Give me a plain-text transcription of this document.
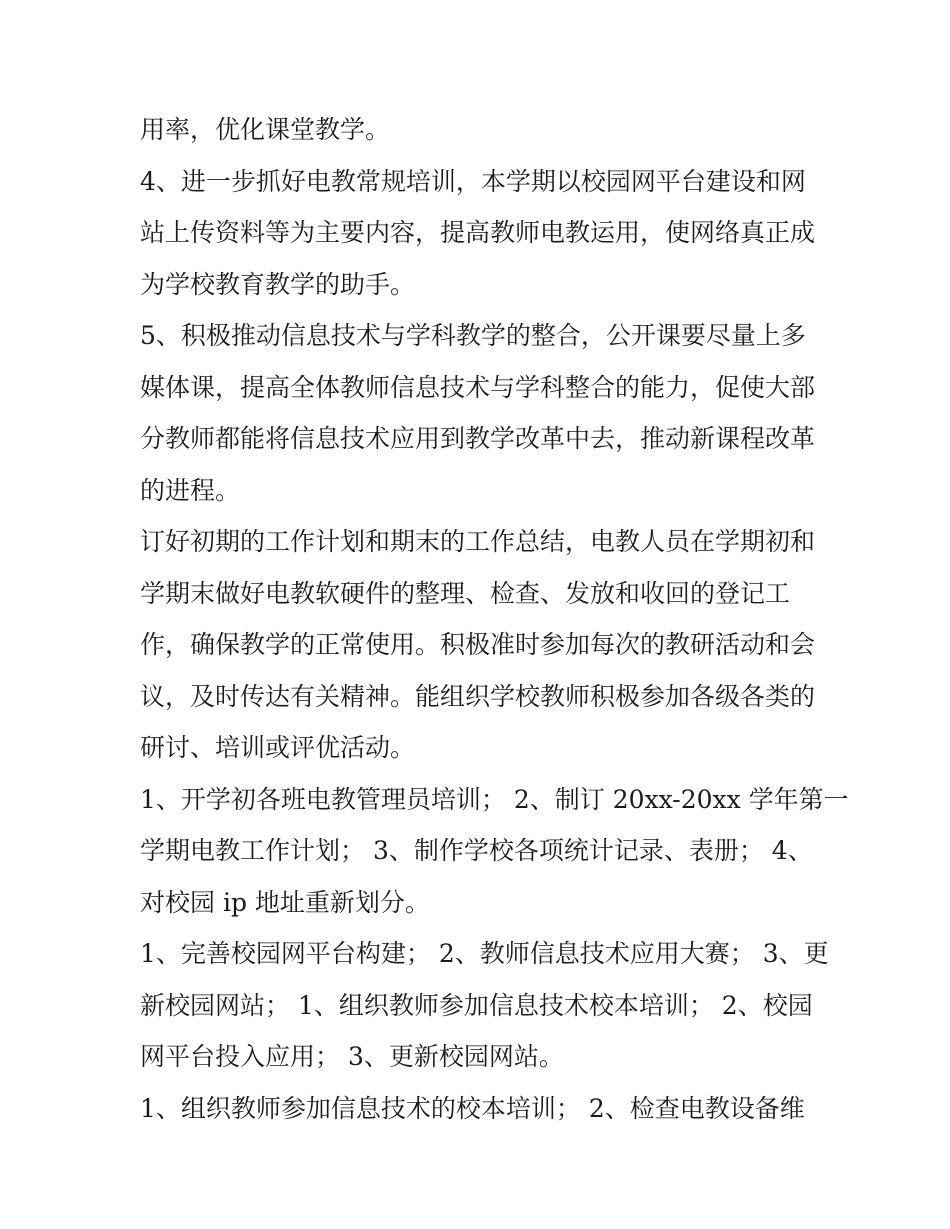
用率，优化课堂教学。

4、进一步抓好电教常规培训，本学期以校园网平台建设和网
站上传资料等为主要内容，提高教师电教运用，使网络真正成
为学校教育教学的助手。

5、积极推动信息技术与学科教学的整合，公开课要尽量上多
媒体课，提高全体教师信息技术与学科整合的能力，促使大部
分教师都能将信息技术应用到教学改革中去，推动新课程改革
的进程。

订好初期的工作计划和期末的工作总结，电教人员在学期初和
学期末做好电教软硬件的整理、检查、发放和收回的登记工
作，确保教学的正常使用。积极准时参加每次的教研活动和会
议，及时传达有关精神。能组织学校教师积极参加各级各类的
研讨、培训或评优活动。

1、开学初各班电教管理员培训； 2、制订 20xx-20xx 学年第一
学期电教工作计划； 3、制作学校各项统计记录、表册； 4、
对校园 ip 地址重新划分。

1、完善校园网平台构建； 2、教师信息技术应用大赛； 3、更
新校园网站； 1、组织教师参加信息技术校本培训； 2、校园
网平台投入应用； 3、更新校园网站。

1、组织教师参加信息技术的校本培训； 2、检查电教设备维
